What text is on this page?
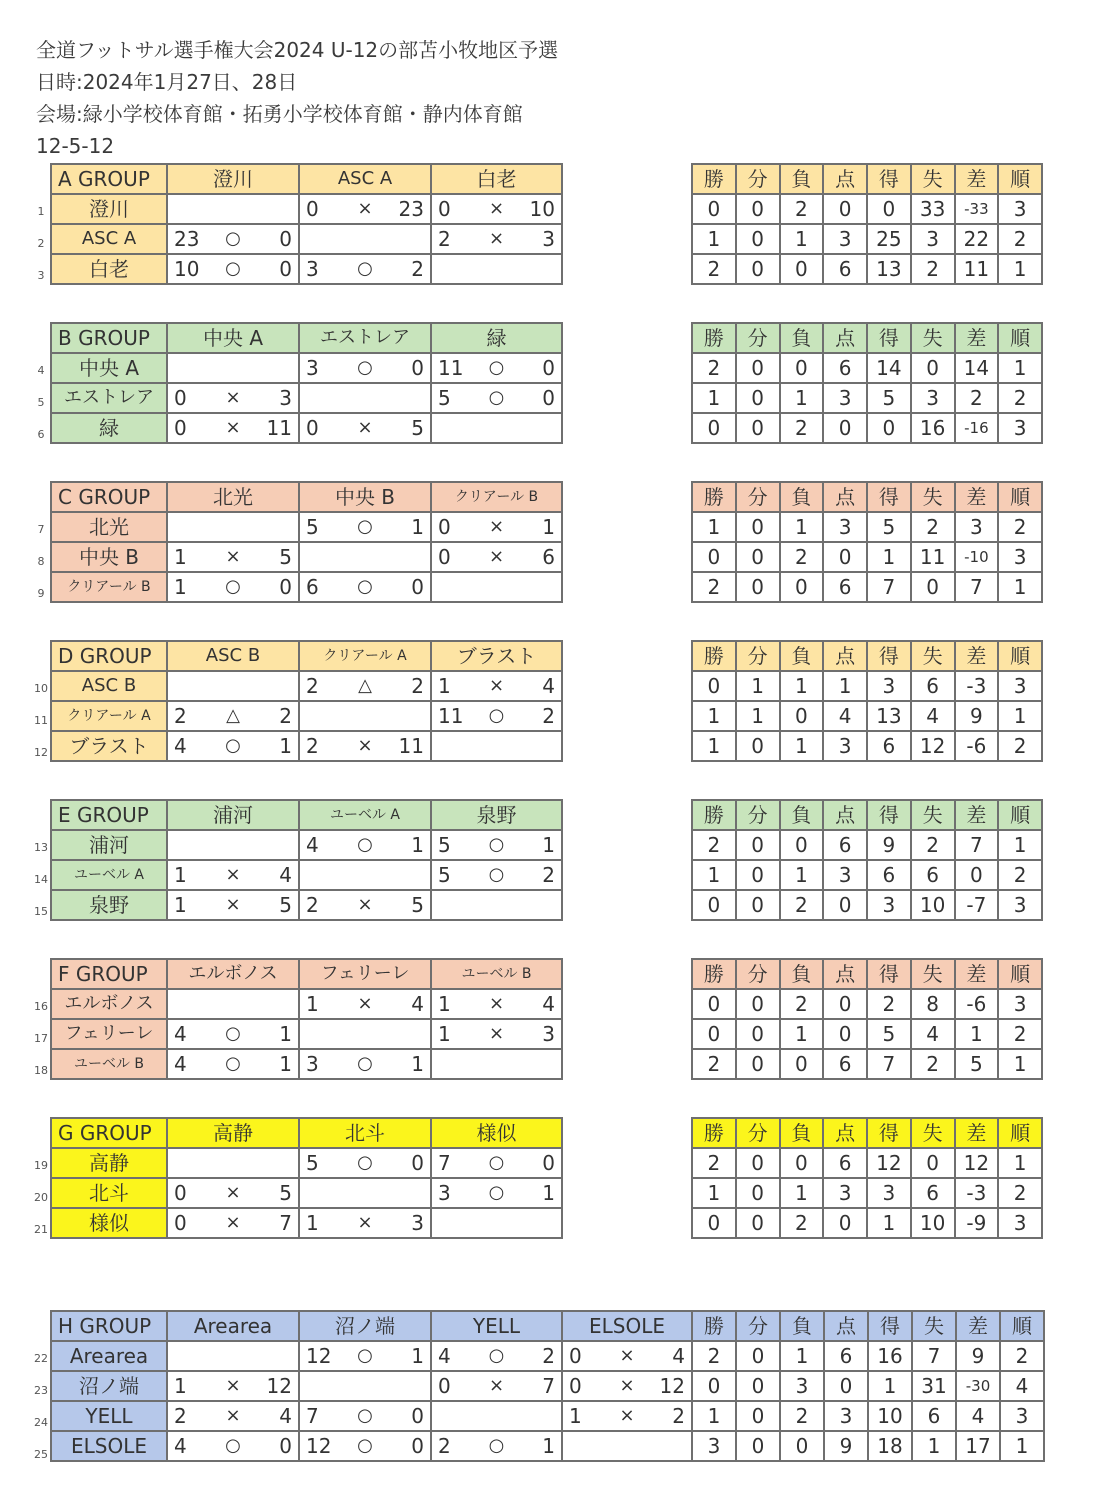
全道フットサル選手権大会2024 U-12の部苫小牧地区予選
日時:2024年1月27日、28日
会場:緑小学校体育館・拓勇小学校体育館・静内体育館
12-5-12
1
2
3
A GROUP	澄川	ASC A	白老
澄川		0 × 23	0 × 10

ASC A	23 ○ 0		2 × 3

白老	10 ○ 0	3 ○ 2	

勝	分	負	点	得	失	差	順
0	0	2	0	0	33	-33	3
1	0	1	3	25	3	22	2
2	0	0	6	13	2	11	1
4
5
6
B GROUP	中央 A	エストレア	緑
中央 A		3 ○ 0	11 ○ 0

エストレア	0 × 3		5 ○ 0

緑	0 × 11	0 × 5	

勝	分	負	点	得	失	差	順
2	0	0	6	14	0	14	1
1	0	1	3	5	3	2	2
0	0	2	0	0	16	-16	3
7
8
9
C GROUP	北光	中央 B	クリアール B
北光		5 ○ 1	0 × 1

中央 B	1 × 5		0 × 6

クリアール B	1 ○ 0	6 ○ 0	

勝	分	負	点	得	失	差	順
1	0	1	3	5	2	3	2
0	0	2	0	1	11	-10	3
2	0	0	6	7	0	7	1
10
11
12
D GROUP	ASC B	クリアール A	ブラスト
ASC B		2 △ 2	1 × 4

クリアール A	2 △ 2		11 ○ 2

ブラスト	4 ○ 1	2 × 11	

勝	分	負	点	得	失	差	順
0	1	1	1	3	6	-3	3
1	1	0	4	13	4	9	1
1	0	1	3	6	12	-6	2
13
14
15
E GROUP	浦河	ユーベル A	泉野
浦河		4 ○ 1	5 ○ 1

ユーベル A	1 × 4		5 ○ 2

泉野	1 × 5	2 × 5	

勝	分	負	点	得	失	差	順
2	0	0	6	9	2	7	1
1	0	1	3	6	6	0	2
0	0	2	0	3	10	-7	3
16
17
18
F GROUP	エルボノス	フェリーレ	ユーベル B
エルボノス		1 × 4	1 × 4

フェリーレ	4 ○ 1		1 × 3

ユーベル B	4 ○ 1	3 ○ 1	

勝	分	負	点	得	失	差	順
0	0	2	0	2	8	-6	3
0	0	1	0	5	4	1	2
2	0	0	6	7	2	5	1
19
20
21
G GROUP	高静	北斗	様似
高静		5 ○ 0	7 ○ 0

北斗	0 × 5		3 ○ 1

様似	0 × 7	1 × 3	

勝	分	負	点	得	失	差	順
2	0	0	6	12	0	12	1
1	0	1	3	3	6	-3	2
0	0	2	0	1	10	-9	3
22
23
24
25
H GROUP	Arearea	沼ノ端	YELL	ELSOLE	勝	分	負	点	得	失	差	順
Arearea		12 ○ 1	4 ○ 2	0 × 4	2	0	1	6	16	7	9	2
沼ノ端	1 × 12		0 × 7	0 × 12	0	0	3	0	1	31	-30	4
YELL	2 × 4	7 ○ 0		1 × 2	1	0	2	3	10	6	4	3
ELSOLE	4 ○ 0	12 ○ 0	2 ○ 1		3	0	0	9	18	1	17	1
